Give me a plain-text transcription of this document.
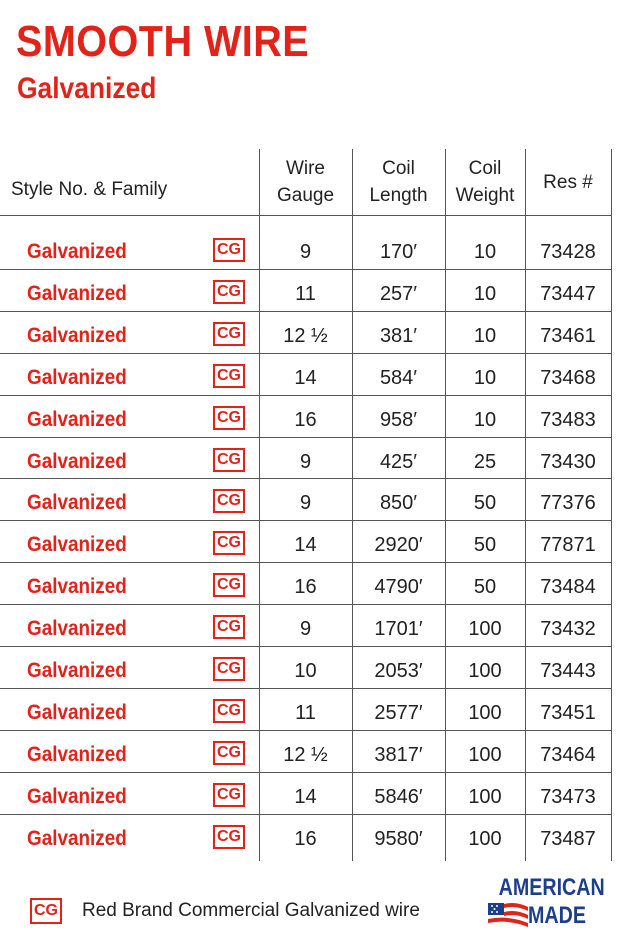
SMOOTH WIRE
Galvanized
Style No. & Family
Wire
Gauge
Coil
Length
Coil
Weight
Res #
Galvanized	CG	9	170′	10	73428
Galvanized	CG	11	257′	10	73447
Galvanized	CG	12 ½	381′	10	73461
Galvanized	CG	14	584′	10	73468
Galvanized	CG	16	958′	10	73483
Galvanized	CG	9	425′	25	73430
Galvanized	CG	9	850′	50	77376
Galvanized	CG	14	2920′	50	77871
Galvanized	CG	16	4790′	50	73484
Galvanized	CG	9	1701′	100	73432
Galvanized	CG	10	2053′	100	73443
Galvanized	CG	11	2577′	100	73451
Galvanized	CG	12 ½	3817′	100	73464
Galvanized	CG	14	5846′	100	73473
Galvanized	CG	16	9580′	100	73487
CG Red Brand Commercial Galvanized wire
AMERICAN
MADE
